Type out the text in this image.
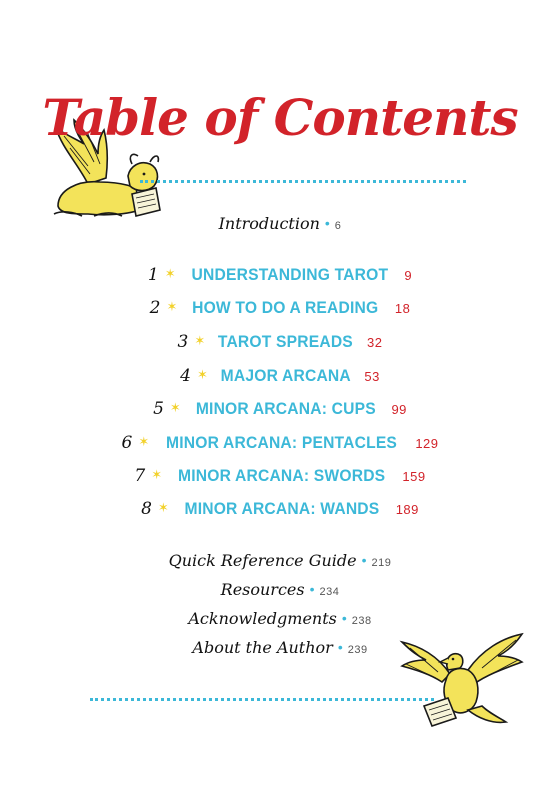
Table of Contents
Introduction • 6
1 ✶ UNDERSTANDING TAROT 9
2 ✶ HOW TO DO A READING 18
3 ✶ TAROT SPREADS 32
4 ✶ MAJOR ARCANA 53
5 ✶ MINOR ARCANA: CUPS 99
6 ✶ MINOR ARCANA: PENTACLES 129
7 ✶ MINOR ARCANA: SWORDS 159
8 ✶ MINOR ARCANA: WANDS 189
Quick Reference Guide • 219
Resources • 234
Acknowledgments • 238
About the Author • 239
